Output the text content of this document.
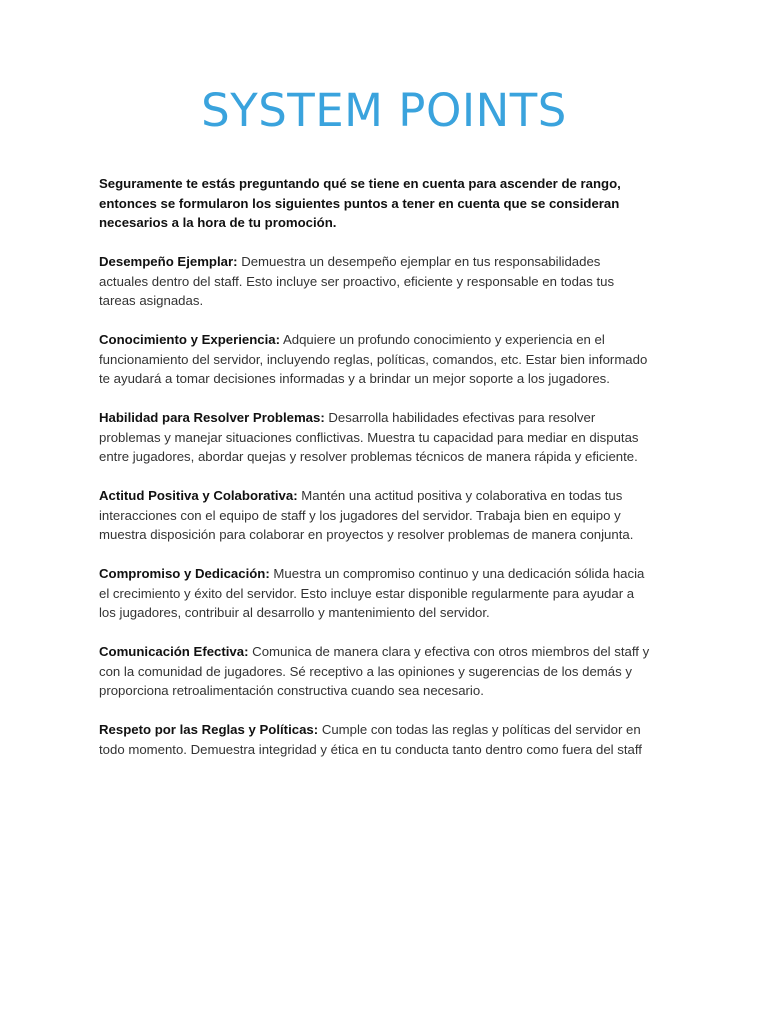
SYSTEM POINTS

Seguramente te estás preguntando qué se tiene en cuenta para ascender de rango, entonces se formularon los siguientes puntos a tener en cuenta que se consideran necesarios a la hora de tu promoción.

Desempeño Ejemplar: Demuestra un desempeño ejemplar en tus responsabilidades actuales dentro del staff. Esto incluye ser proactivo, eficiente y responsable en todas tus tareas asignadas.

Conocimiento y Experiencia: Adquiere un profundo conocimiento y experiencia en el funcionamiento del servidor, incluyendo reglas, políticas, comandos, etc. Estar bien informado te ayudará a tomar decisiones informadas y a brindar un mejor soporte a los jugadores.

Habilidad para Resolver Problemas: Desarrolla habilidades efectivas para resolver problemas y manejar situaciones conflictivas. Muestra tu capacidad para mediar en disputas entre jugadores, abordar quejas y resolver problemas técnicos de manera rápida y eficiente.

Actitud Positiva y Colaborativa: Mantén una actitud positiva y colaborativa en todas tus interacciones con el equipo de staff y los jugadores del servidor. Trabaja bien en equipo y muestra disposición para colaborar en proyectos y resolver problemas de manera conjunta.

Compromiso y Dedicación: Muestra un compromiso continuo y una dedicación sólida hacia el crecimiento y éxito del servidor. Esto incluye estar disponible regularmente para ayudar a los jugadores, contribuir al desarrollo y mantenimiento del servidor.

Comunicación Efectiva: Comunica de manera clara y efectiva con otros miembros del staff y con la comunidad de jugadores. Sé receptivo a las opiniones y sugerencias de los demás y proporciona retroalimentación constructiva cuando sea necesario.

Respeto por las Reglas y Políticas: Cumple con todas las reglas y políticas del servidor en todo momento. Demuestra integridad y ética en tu conducta tanto dentro como fuera del staff
